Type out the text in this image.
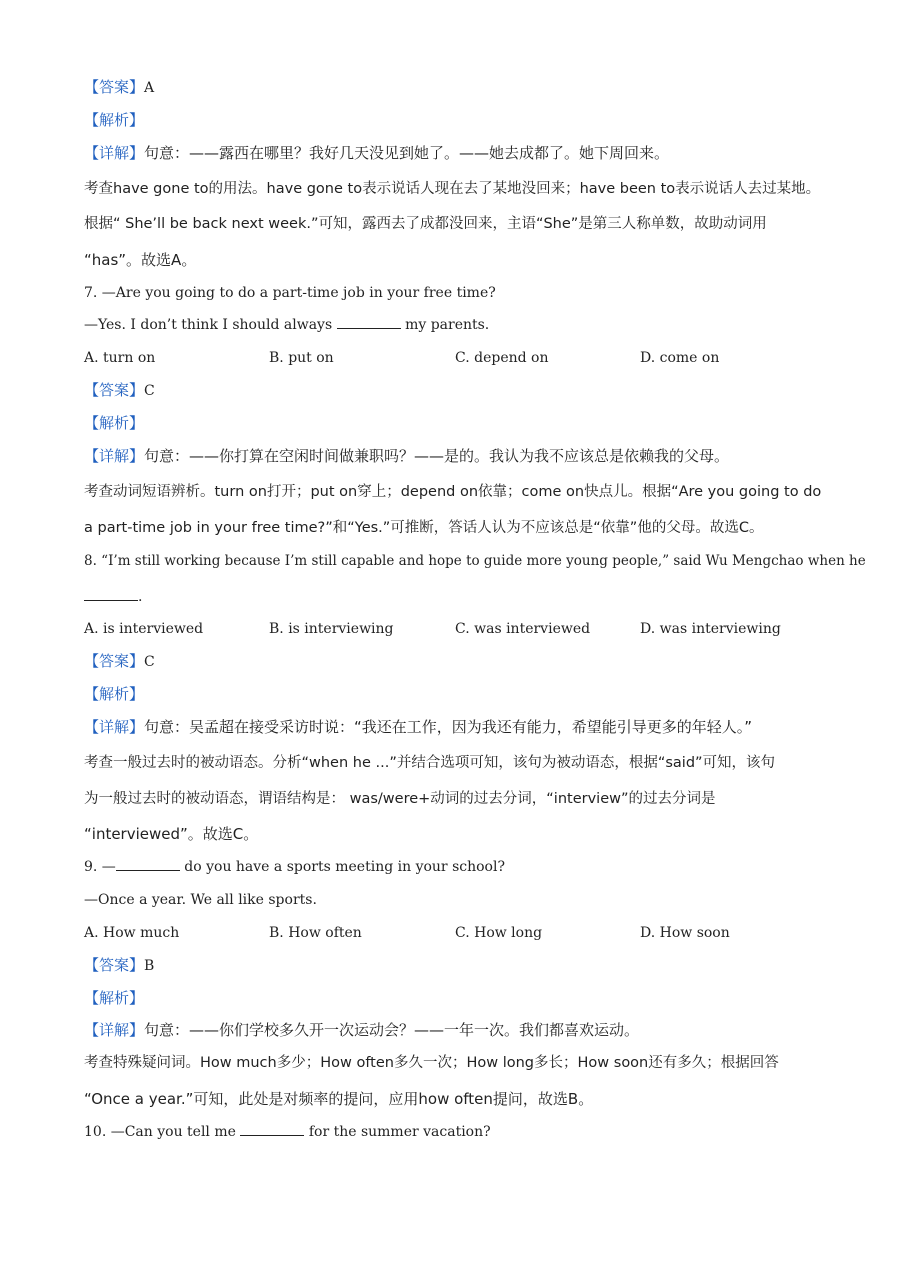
【答案】A
【解析】
【详解】句意：——露西在哪里？我好几天没见到她了。——她去成都了。她下周回来。
考查have gone to的用法。have gone to表示说话人现在去了某地没回来；have been to表示说话人去过某地。
根据“ She’ll be back next week.”可知，露西去了成都没回来，主语“She”是第三人称单数，故助动词用
“has”。故选A。
7. —Are you going to do a part-time job in your free time?
—Yes. I don’t think I should always	my parents.
A. turn on	B. put on	C. depend on	D. come on
【答案】C
【解析】
【详解】句意：——你打算在空闲时间做兼职吗？——是的。我认为我不应该总是依赖我的父母。
考查动词短语辨析。turn on打开；put on穿上；depend on依靠；come on快点儿。根据“Are you going to do
a part-time job in your free time?”和“Yes.”可推断，答话人认为不应该总是“依靠”他的父母。故选C。
8. “I’m still working because I’m still capable and hope to guide more young people,” said Wu Mengchao when he
.
A. is interviewed	B. is interviewing	C. was interviewed	D. was interviewing
【答案】C
【解析】
【详解】句意：吴孟超在接受采访时说：“我还在工作，因为我还有能力，希望能引导更多的年轻人。”
考查一般过去时的被动语态。分析“when he ...”并结合选项可知，该句为被动语态，根据“said”可知，该句
为一般过去时的被动语态，谓语结构是： was/were+动词的过去分词，“interview”的过去分词是
“interviewed”。故选C。
9. —	do you have a sports meeting in your school?
—Once a year. We all like sports.
A. How much	B. How often	C. How long	D. How soon
【答案】B
【解析】
【详解】句意：——你们学校多久开一次运动会？——一年一次。我们都喜欢运动。
考查特殊疑问词。How much多少；How often多久一次；How long多长；How soon还有多久；根据回答
“Once a year.”可知，此处是对频率的提问，应用how often提问，故选B。
10. —Can you tell me	for the summer vacation?
